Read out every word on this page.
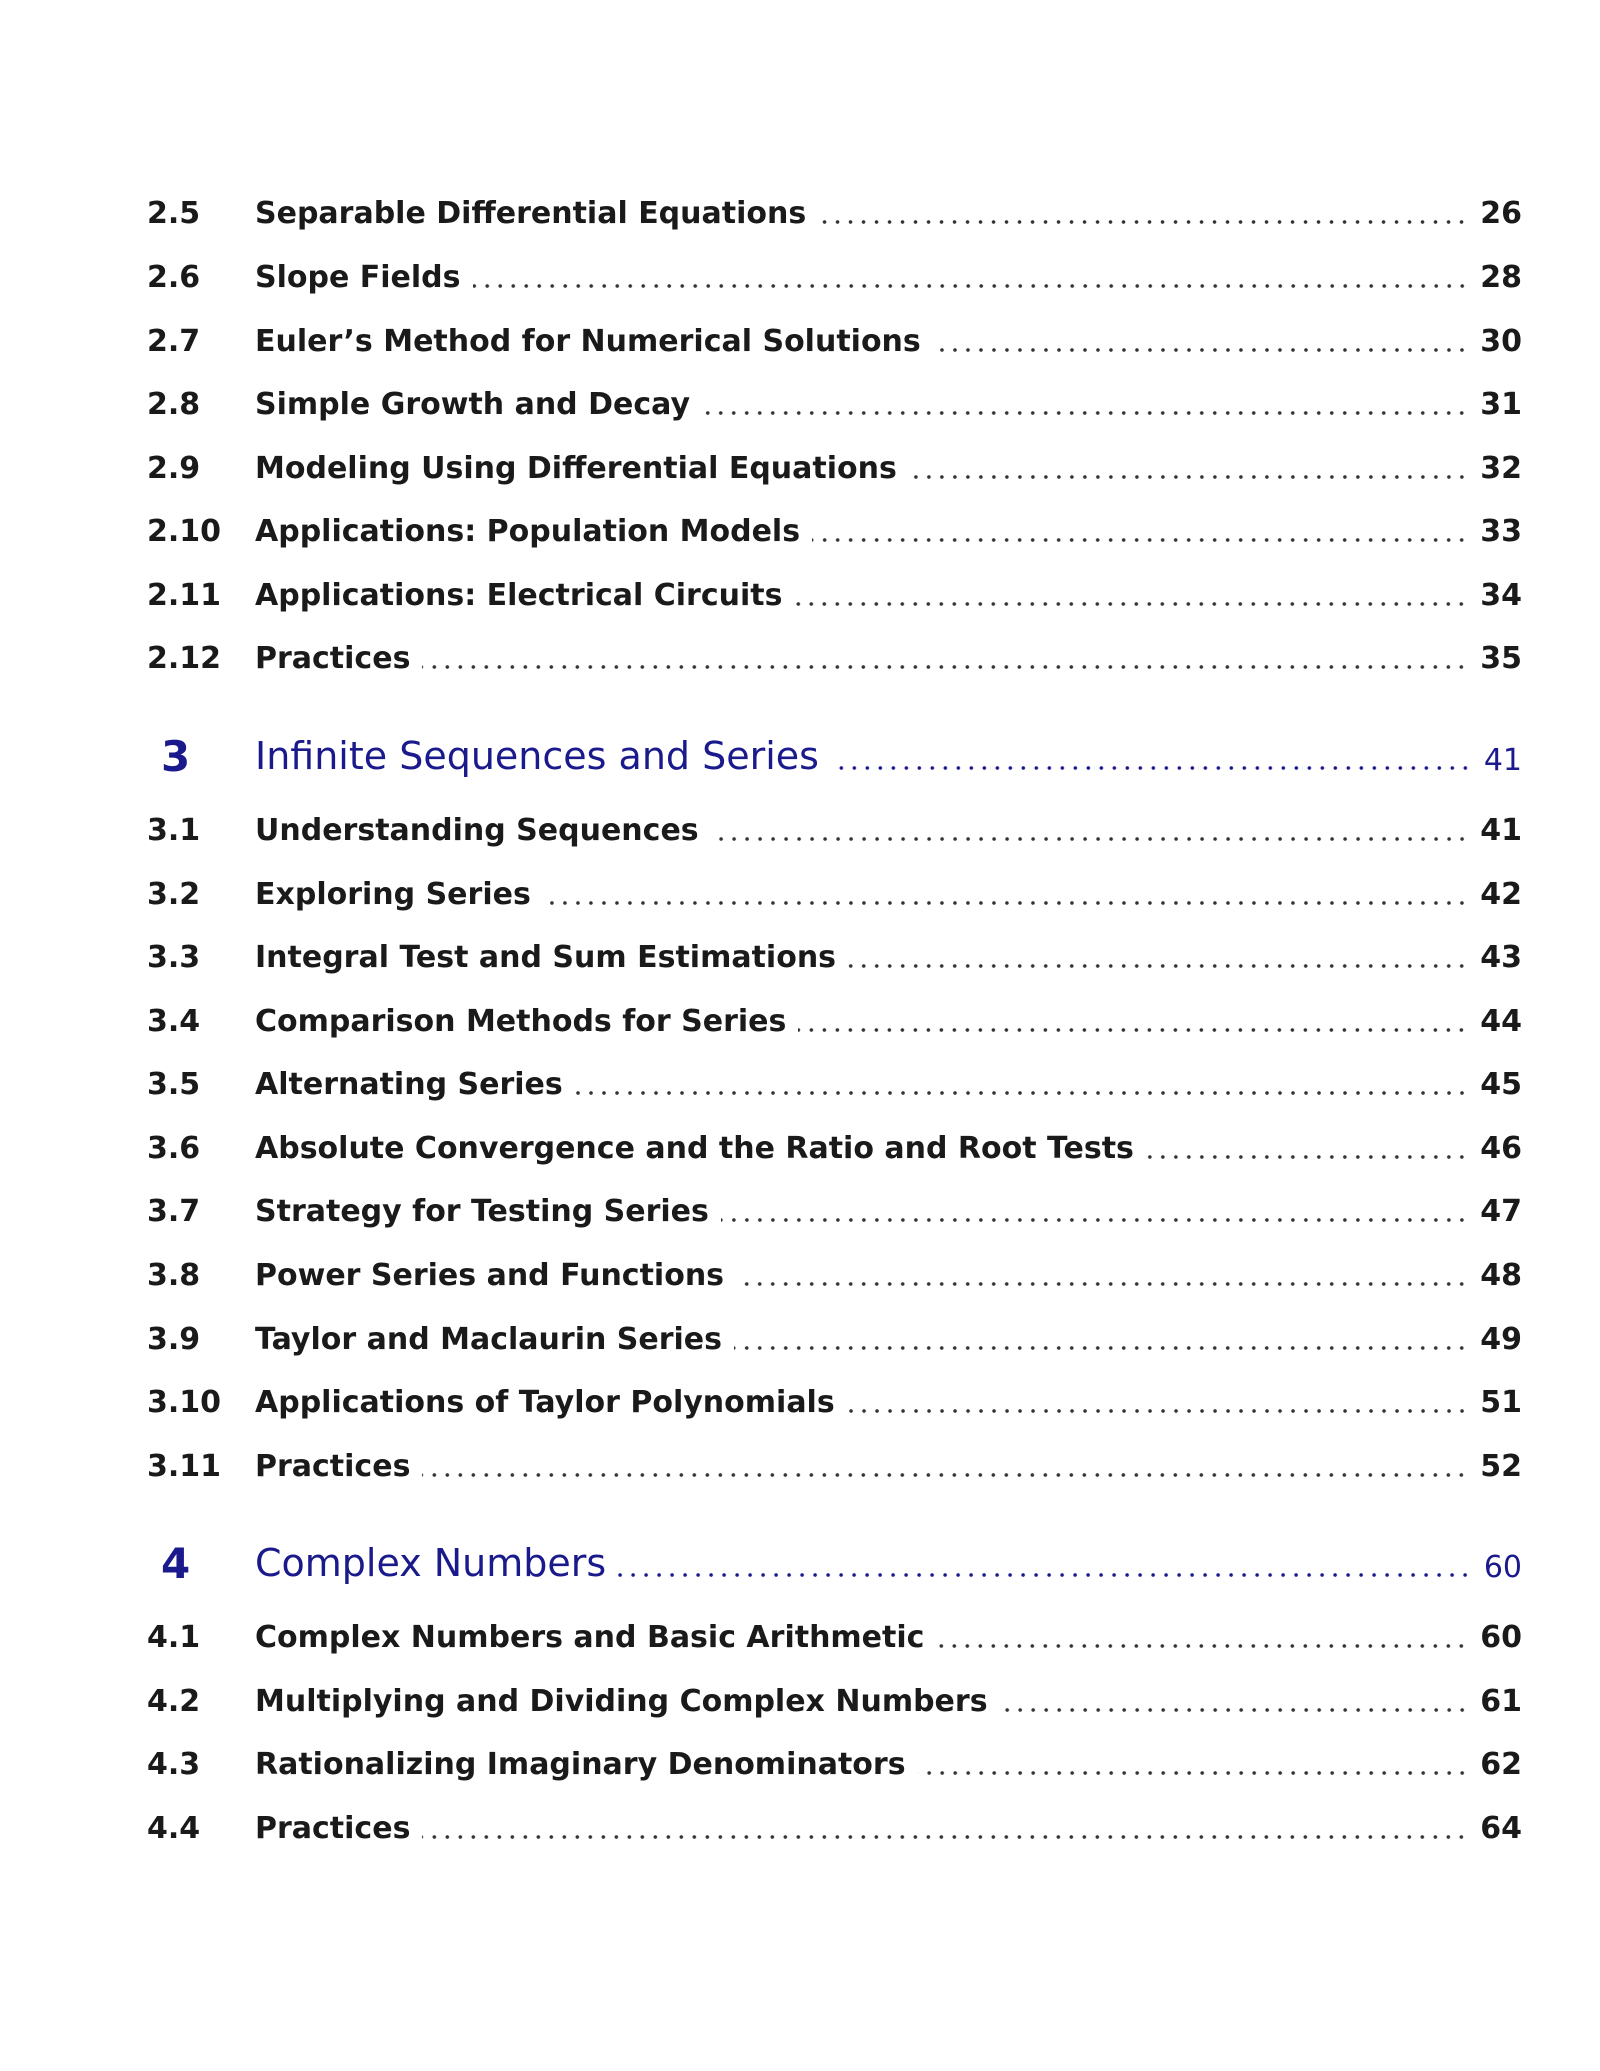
2.5	Separable Differential Equations	26
2.6	Slope Fields	28
2.7	Euler’s Method for Numerical Solutions	30
2.8	Simple Growth and Decay	31
2.9	Modeling Using Differential Equations	32
2.10	Applications: Population Models	33
2.11	Applications: Electrical Circuits	34
2.12	Practices	35
3	Infinite Sequences and Series	41
3.1	Understanding Sequences	41
3.2	Exploring Series	42
3.3	Integral Test and Sum Estimations	43
3.4	Comparison Methods for Series	44
3.5	Alternating Series	45
3.6	Absolute Convergence and the Ratio and Root Tests	46
3.7	Strategy for Testing Series	47
3.8	Power Series and Functions	48
3.9	Taylor and Maclaurin Series	49
3.10	Applications of Taylor Polynomials	51
3.11	Practices	52
4	Complex Numbers	60
4.1	Complex Numbers and Basic Arithmetic	60
4.2	Multiplying and Dividing Complex Numbers	61
4.3	Rationalizing Imaginary Denominators	62
4.4	Practices	64
